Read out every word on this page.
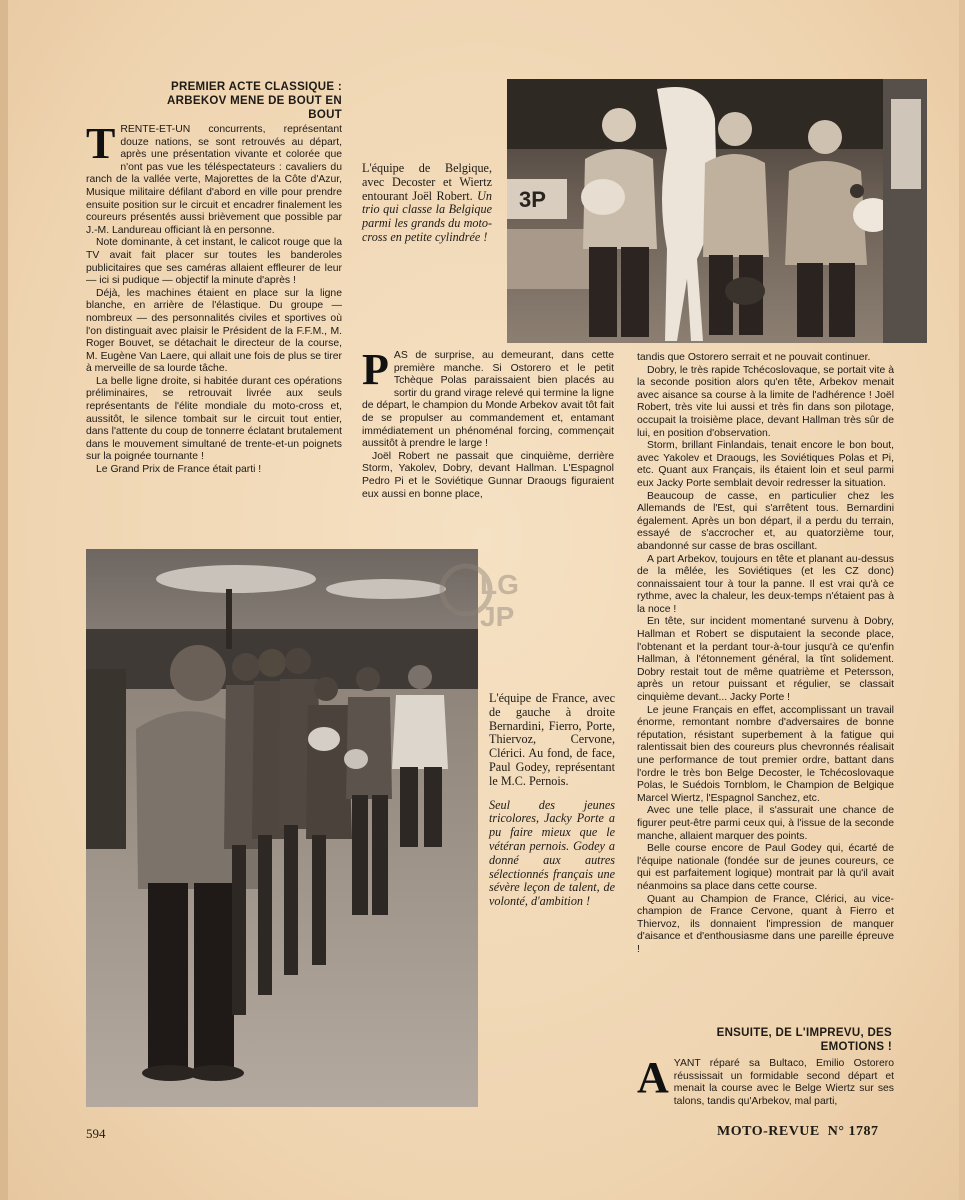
PREMIER ACTE CLASSIQUE : ARBEKOV MENE DE BOUT EN BOUT

TRENTE-ET-UN concurrents, représentant douze nations, se sont retrouvés au départ, après une présentation vivante et colorée que n'ont pas vue les téléspectateurs : cavaliers du ranch de la vallée verte, Majorettes de la Côte d'Azur, Musique militaire défilant d'abord en ville pour prendre ensuite position sur le circuit et encadrer finalement les coureurs présentés aussi brièvement que possible par J.-M. Landureau officiant là en personne.

Note dominante, à cet instant, le calicot rouge que la TV avait fait placer sur toutes les banderoles publicitaires que ses caméras allaient effleurer de leur — ici si pudique — objectif la minute d'après !

Déjà, les machines étaient en place sur la ligne blanche, en arrière de l'élastique. Du groupe — nombreux — des personnalités civiles et sportives où l'on distinguait avec plaisir le Président de la F.F.M., M. Roger Bouvet, se détachait le directeur de la course, M. Eugène Van Laere, qui allait une fois de plus se tirer à merveille de sa lourde tâche.

La belle ligne droite, si habitée durant ces opérations préliminaires, se retrouvait livrée aux seuls représentants de l'élite mondiale du moto-cross et, aussitôt, le silence tombait sur le circuit tout entier, dans l'attente du coup de tonnerre éclatant brutalement dans le mouvement simultané de trente-et-un poignets sur la poignée tournante !

Le Grand Prix de France était parti !

L'équipe de Belgique, avec Decoster et Wiertz entourant Joël Robert. Un trio qui classe la Belgique parmi les grands du moto-cross en petite cylindrée !
3P

PAS de surprise, au demeurant, dans cette première manche. Si Ostorero et le petit Tchèque Polas paraissaient bien placés au sortir du grand virage relevé qui termine la ligne de départ, le champion du Monde Arbekov avait tôt fait de se propulser au commandement et, entamant immédiatement un phénoménal forcing, commençait aussitôt à prendre le large !

Joël Robert ne passait que cinquième, derrière Storm, Yakolev, Dobry, devant Hallman. L'Espagnol Pedro Pi et le Soviétique Gunnar Draougs figuraient eux aussi en bonne place,

tandis que Ostorero serrait et ne pouvait continuer.

Dobry, le très rapide Tchécoslovaque, se portait vite à la seconde position alors qu'en tête, Arbekov menait avec aisance sa course à la limite de l'adhérence ! Joël Robert, très vite lui aussi et très fin dans son pilotage, occupait la troisième place, devant Hallman très sûr de lui, en position d'observation.

Storm, brillant Finlandais, tenait encore le bon bout, avec Yakolev et Draougs, les Soviétiques Polas et Pi, etc. Quant aux Français, ils étaient loin et seul parmi eux Jacky Porte semblait devoir redresser la situation.

Beaucoup de casse, en particulier chez les Allemands de l'Est, qui s'arrêtent tous. Bernardini également. Après un bon départ, il a perdu du terrain, essayé de s'accrocher et, au quatorzième tour, abandonné sur casse de bras oscillant.

A part Arbekov, toujours en tête et planant au-dessus de la mêlée, les Soviétiques (et les CZ donc) connaissaient tour à tour la panne. Il est vrai qu'à ce rythme, avec la chaleur, les deux-temps n'étaient pas à la noce !

En tête, sur incident momentané survenu à Dobry, Hallman et Robert se disputaient la seconde place, l'obtenant et la perdant tour-à-tour jusqu'à ce qu'enfin Hallman, à l'étonnement général, la tînt solidement. Dobry restait tout de même quatrième et Petersson, après un retour puissant et régulier, se classait cinquième devant... Jacky Porte !

Le jeune Français en effet, accomplissant un travail énorme, remontant nombre d'adversaires de bonne réputation, résistant superbement à la fatigue qui ralentissait bien des coureurs plus chevronnés réalisait une performance de tout premier ordre, battant dans l'ordre le très bon Belge Decoster, le Tchécoslovaque Polas, le Suédois Tornblom, le Champion de Belgique Marcel Wiertz, l'Espagnol Sanchez, etc.

Avec une telle place, il s'assurait une chance de figurer peut-être parmi ceux qui, à l'issue de la seconde manche, allaient marquer des points.

Belle course encore de Paul Godey qui, écarté de l'équipe nationale (fondée sur de jeunes coureurs, ce qui est parfaitement logique) montrait par là qu'il avait néanmoins sa place dans cette course.

Quant au Champion de France, Clérici, au vice-champion de France Cervone, quant à Fierro et Thiervoz, ils donnaient l'impression de manquer d'aisance et d'enthousiasme dans une pareille épreuve !

ENSUITE, DE L'IMPREVU, DES EMOTIONS !

AYANT réparé sa Bultaco, Emilio Ostorero réussissait un formidable second départ et menait la course avec le Belge Wiertz sur ses talons, tandis qu'Arbekov, mal parti,

LG
JP
L'équipe de France, avec de gauche à droite Bernardini, Fierro, Porte, Thiervoz, Cervone, Clérici. Au fond, de face, Paul Godey, représentant le M.C. Pernois.
Seul des jeunes tricolores, Jacky Porte a pu faire mieux que le vétéran pernois. Godey a donné aux autres sélectionnés français une sévère leçon de talent, de volonté, d'ambition !
594	MOTO-REVUE N° 1787
